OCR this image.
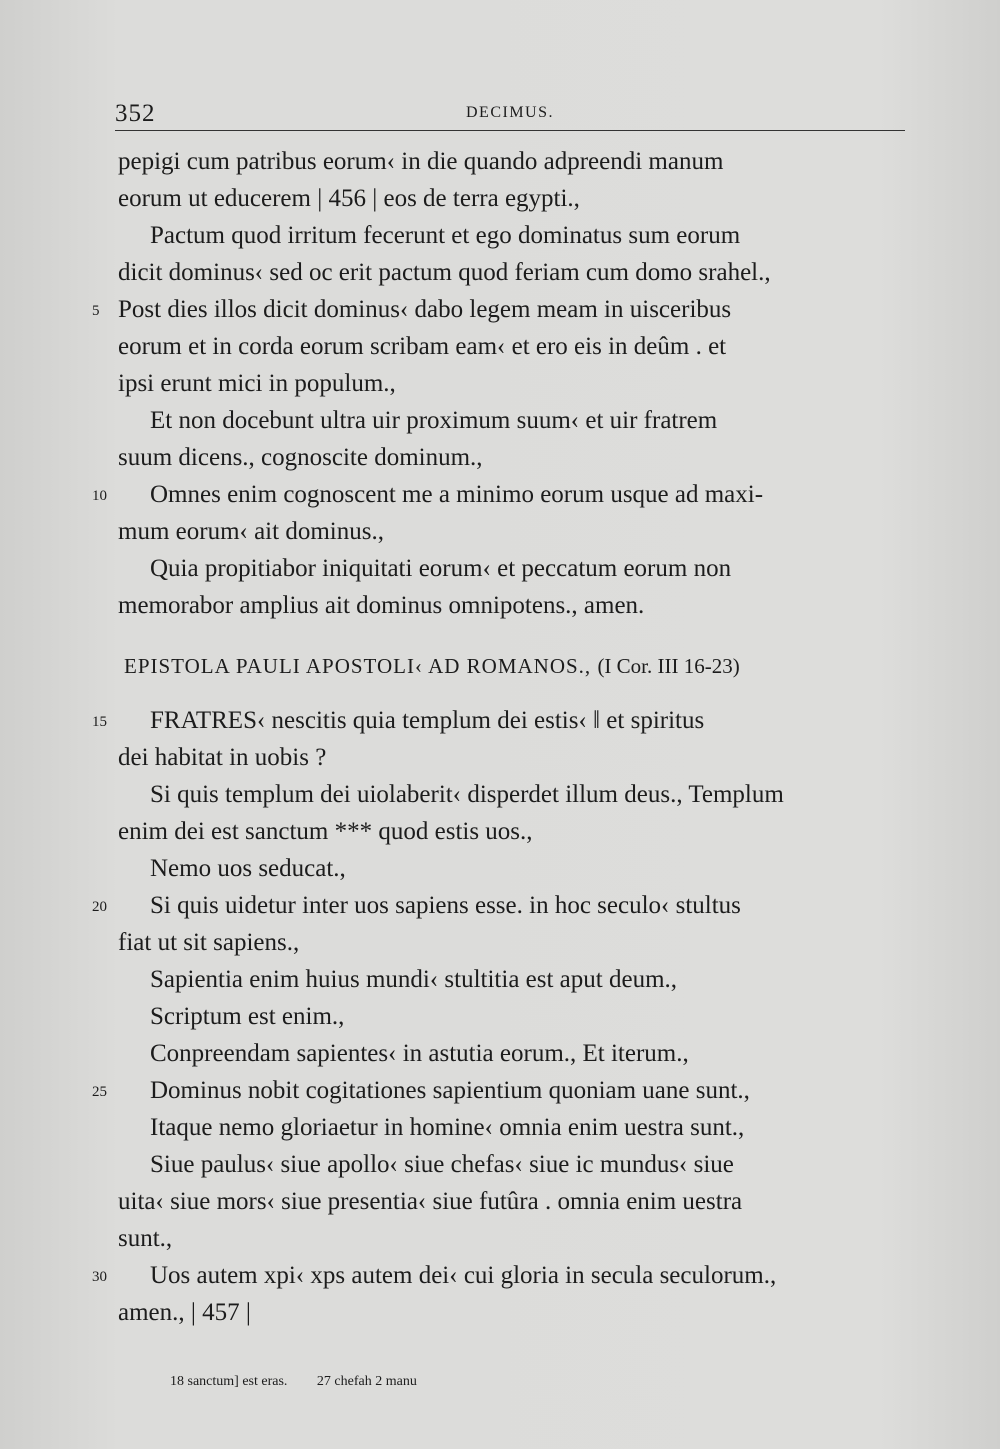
352	DECIMUS.
pepigi cum patribus eorum‹ in die quando adpreendi manum
eorum ut educerem | 456 | eos de terra egypti.,
Pactum quod irritum fecerunt et ego dominatus sum eorum
dicit dominus‹ sed oc erit pactum quod feriam cum domo srahel.,
5 Post dies illos dicit dominus‹ dabo legem meam in uisceribus
eorum et in corda eorum scribam eam‹ et ero eis in deûm . et
ipsi erunt mici in populum.,
Et non docebunt ultra uir proximum suum‹ et uir fratrem
suum dicens., cognoscite dominum.,
10 Omnes enim cognoscent me a minimo eorum usque ad maxi-
mum eorum‹ ait dominus.,
Quia propitiabor iniquitati eorum‹ et peccatum eorum non
memorabor amplius ait dominus omnipotens., amen.
EPISTOLA PAULI APOSTOLI‹ AD ROMANOS., (I Cor. III 16-23)
15 FRATRES‹ nescitis quia templum dei estis‹ ‖ et spiritus
dei habitat in uobis ?
Si quis templum dei uiolaberit‹ disperdet illum deus., Templum
enim dei est sanctum *** quod estis uos.,
Nemo uos seducat.,
20 Si quis uidetur inter uos sapiens esse. in hoc seculo‹ stultus
fiat ut sit sapiens.,
Sapientia enim huius mundi‹ stultitia est aput deum.,
Scriptum est enim.,
Conpreendam sapientes‹ in astutia eorum., Et iterum.,
25 Dominus nobit cogitationes sapientium quoniam uane sunt.,
Itaque nemo gloriaetur in homine‹ omnia enim uestra sunt.,
Siue paulus‹ siue apollo‹ siue chefas‹ siue ic mundus‹ siue
uita‹ siue mors‹ siue presentia‹ siue futûra . omnia enim uestra
sunt.,
30 Uos autem xpi‹ xps autem dei‹ cui gloria in secula seculorum.,
amen., | 457 |
18 sanctum] est eras. 27 chefah 2 manu
